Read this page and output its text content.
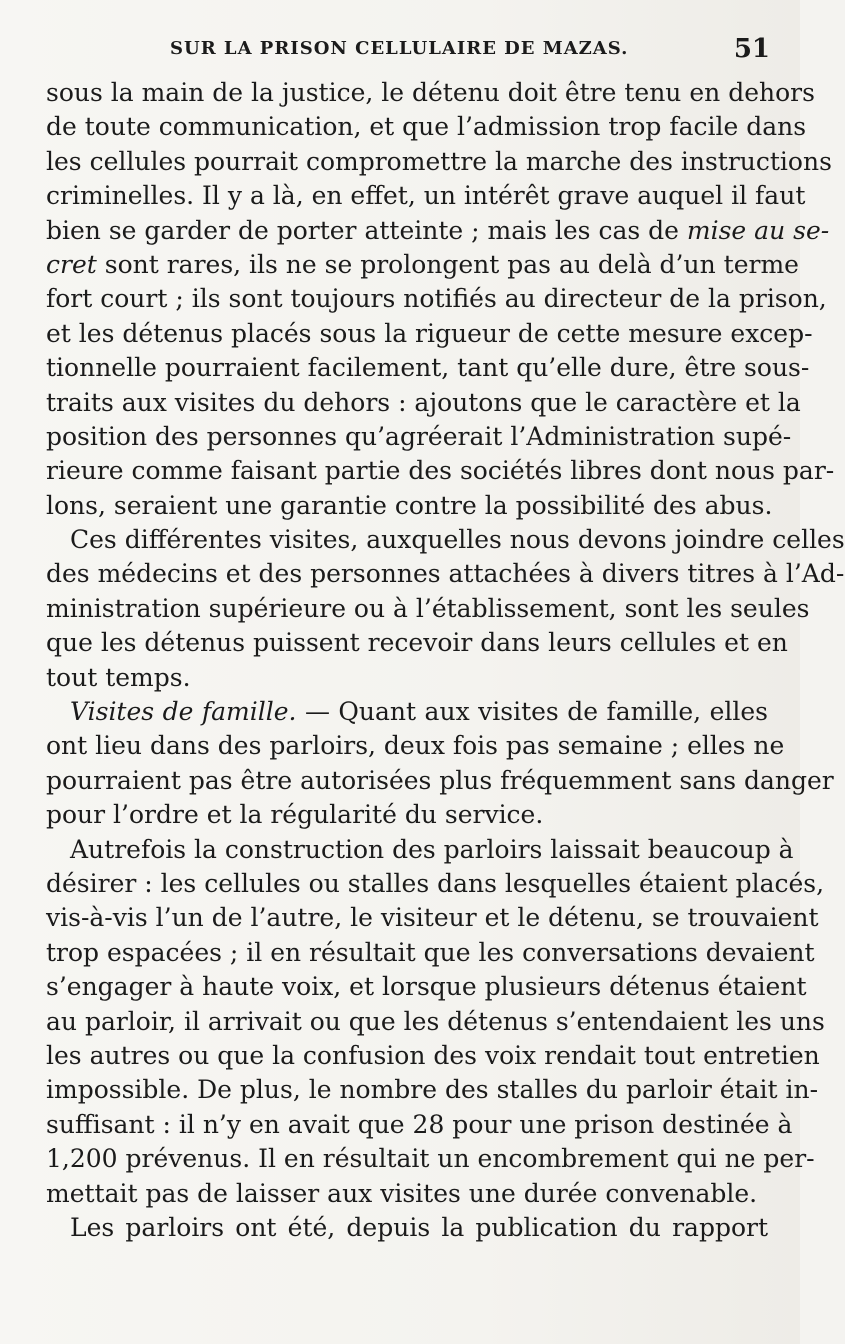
SUR LA PRISON CELLULAIRE DE MAZAS.	51
sous la main de la justice, le détenu doit être tenu en dehors
de toute communication, et que l’admission trop facile dans
les cellules pourrait compromettre la marche des instructions
criminelles. Il y a là, en effet, un intérêt grave auquel il faut
bien se garder de porter atteinte ; mais les cas de mise au se-
cret sont rares, ils ne se prolongent pas au delà d’un terme
fort court ; ils sont toujours notifiés au directeur de la prison,
et les détenus placés sous la rigueur de cette mesure excep-
tionnelle pourraient facilement, tant qu’elle dure, être sous-
traits aux visites du dehors : ajoutons que le caractère et la
position des personnes qu’agréerait l’Administration supé-
rieure comme faisant partie des sociétés libres dont nous par-
lons, seraient une garantie contre la possibilité des abus.
Ces différentes visites, auxquelles nous devons joindre celles
des médecins et des personnes attachées à divers titres à l’Ad-
ministration supérieure ou à l’établissement, sont les seules
que les détenus puissent recevoir dans leurs cellules et en
tout temps.
Visites de famille. — Quant aux visites de famille, elles
ont lieu dans des parloirs, deux fois pas semaine ; elles ne
pourraient pas être autorisées plus fréquemment sans danger
pour l’ordre et la régularité du service.
Autrefois la construction des parloirs laissait beaucoup à
désirer : les cellules ou stalles dans lesquelles étaient placés,
vis-à-vis l’un de l’autre, le visiteur et le détenu, se trouvaient
trop espacées ; il en résultait que les conversations devaient
s’engager à haute voix, et lorsque plusieurs détenus étaient
au parloir, il arrivait ou que les détenus s’entendaient les uns
les autres ou que la confusion des voix rendait tout entretien
impossible. De plus, le nombre des stalles du parloir était in-
suffisant : il n’y en avait que 28 pour une prison destinée à
1,200 prévenus. Il en résultait un encombrement qui ne per-
mettait pas de laisser aux visites une durée convenable.
Les parloirs ont été, depuis la publication du rapport
